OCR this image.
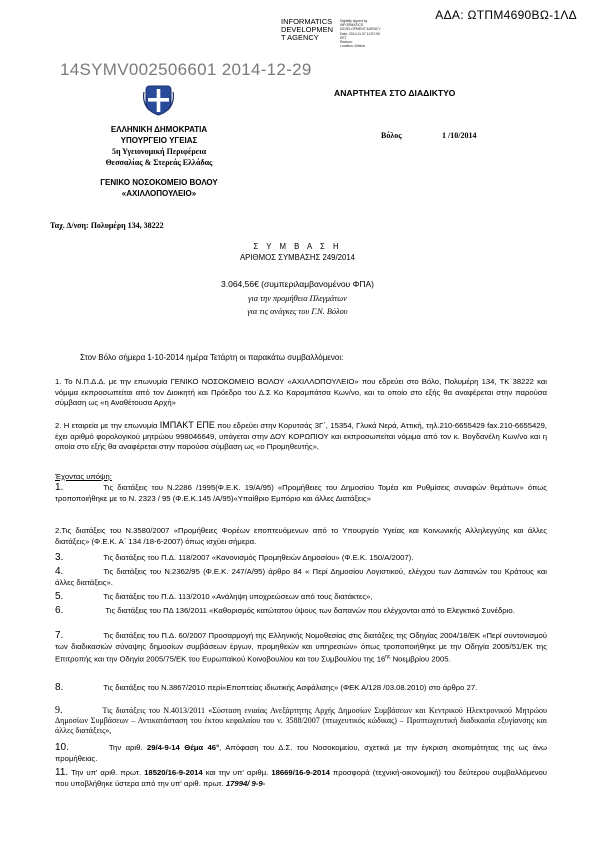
ΑΔΑ: ΩΤΠΜ4690ΒΩ-1ΛΔ
INFORMATICS
DEVELOPMEN
T AGENCY
Digitally signed by
INFORMATICS
DEVELOPMENT AGENCY
Date: 2014.11.07 12:57:50
EET
Reason:
Location: Athens
14SYMV002506601 2014-12-29
ΑΝΑΡΤΗΤΕΑ ΣΤΟ ΔΙΑΔΙΚΤΥΟ
ΕΛΛΗΝΙΚΗ ΔΗΜΟΚΡΑΤΙΑ
ΥΠΟΥΡΓΕΙΟ ΥΓΕΙΑΣ
5η Υγειονομική Περιφέρεια
Θεσσαλίας & Στερεάς Ελλάδας
ΓΕΝΙΚΟ ΝΟΣΟΚΟΜΕΙΟ ΒΟΛΟΥ
«ΑΧΙΛΛΟΠΟΥΛΕΙΟ»
Βόλος	1 /10/2014
Ταχ. Δ/νση: Πολυμέρη 134, 38222
Σ Υ Μ Β Α Σ Η
ΑΡΙΘΜΟΣ ΣΥΜΒΑΣΗΣ 249/2014
3.064,56€ (συμπεριλαμβανομένου ΦΠΑ)
για την προμήθεια Πλεγμάτων
για τις ανάγκες του Γ.Ν. Βόλου
Στον Βόλο σήμερα 1-10-2014 ημέρα Τετάρτη οι παρακάτω συμβαλλόμενοι:
1. Το Ν.Π.Δ.Δ. με την επωνυμία ΓΕΝΙΚΟ ΝΟΣΟΚΟΜΕΙΟ ΒΟΛΟΥ «ΑΧΙΛΛΟΠΟΥΛΕΙΟ» που εδρεύει στο Βόλο, Πολυμέρη 134, ΤΚ 38222 και νόμιμα εκπροσωπείται από τον Διοικητή και Πρόεδρο του Δ.Σ Κο Καραμπάτσα Κων/νο, και το οποίο στο εξής θα αναφέρεται στην παρούσα σύμβαση ως «η Αναθέτουσα Αρχή»
2. Η εταιρεία με την επωνυμία ΙΜΠΑΚΤ ΕΠΕ που εδρεύει στην Κορυτσάς 3Γ΄, 15354, Γλυκά Νερά, Αττική, τηλ.210-6655429 fax.210-6655429, έχει αριθμό φορολογικού μητρώου 998046649, υπάγεται στην ΔΟΥ ΚΟΡΩΠΙΟΥ και εκπροσωπείται νόμιμα από τον κ. Βογδανέλη Κων/νο και η οποία στο εξής θα αναφέρεται στην παρούσα σύμβαση ως «ο Προμηθευτής»,
Έχοντας υπόψη:
1.	Τις διατάξεις του Ν.2286 /1995(Φ.Ε.Κ. 19/Α/95) «Προμήθειες του Δημοσίου Τομέα και Ρυθμίσεις συναφών θεμάτων» όπως τροποποιήθηκε με το Ν. 2323 / 95 (Φ.Ε.Κ.145 /Α/95)«Υπαίθριο Εμπόριο και άλλες Διατάξεις»
2.Τις διατάξεις του Ν.3580/2007 «Προμήθειες Φορέων εποπτευόμενων από το Υπουργείο Υγείας και Κοινωνικής Αλληλεγγύης και άλλες διατάξεις» (Φ.Ε.Κ. Α΄ 134 /18-6-2007) όπως ισχύει σήμερα.
3.	Τις διατάξεις του Π.Δ. 118/2007 «Κανονισμός Προμηθειών Δημοσίου» (Φ.Ε.Κ. 150/Α/2007).
4.	Τις διατάξεις του Ν.2362/95 (Φ.Ε.Κ. 247/Α/95) άρθρο 84 « Περί Δημοσίου Λογιστικού, ελέγχου των Δαπανών του Κράτους και άλλες διατάξεις».
5.	Τις διατάξεις του Π.Δ. 113/2010 «Ανάληψη υποχρεώσεων από τους διατάκτες»,
6.	Τις διατάξεις του ΠΔ 136/2011 «Καθορισμός κατώτατου ύψους των δαπανών που ελέγχονται από το Ελεγκτικό Συνέδριο.
7.	Τις διατάξεις του Π.Δ. 60/2007 Προσαρμογή της Ελληνικής Νομοθεσίας στις διατάξεις της Οδηγίας 2004/18/ΕΚ «Περί συντονισμού των διαδικασιών σύναψης δημοσίων συμβάσεων έργων, προμηθειών και υπηρεσιών» όπως τροποποιήθηκε με την Οδηγία 2005/51/ΕΚ της Επιτροπής και την Οδηγία 2005/75/ΕΚ του Ευρωπαϊκού Κοινοβουλίου και του Συμβουλίου της $16^{\eta\varsigma}$ Νοεμβρίου 2005.
8.	Τις διατάξεις του Ν.3867/2010 περί«Εποπτείας ιδιωτικής Ασφάλισης» (ΦΕΚ Α/128 /03.08.2010) στο άρθρο 27.
9.	Τις διατάξεις του Ν.4013/2011 «Σύσταση ενιαίας Ανεξάρτητης Αρχής Δημοσίων Συμβάσεων και Κεντρικού Ηλεκτρονικού Μητρώου Δημοσίων Συμβάσεων – Αντικατάσταση του έκτου κεφαλαίου του ν. 3588/2007 (πτωχευτικός κώδικας) – Προπτωχευτική διαδικασία εξυγίανσης και άλλες διατάξεις»,
10.	Την αριθ. 29/4-9-14 Θέμα 46°, Απόφαση του Δ.Σ. του Νοσοκομείου, σχετικά με την έγκριση σκοπιμότητας της ως άνω προμήθειας.
11. Την υπ' αριθ. πρωτ. 18520/16-9-2014 και την υπ' αριθμ. 18669/16-9-2014 προσφορά (τεχνική-οικονομική) του δεύτερου συμβαλλόμενου που υποβλήθηκε ύστερα από την υπ' αριθ. πρωτ. 17994/ 9-9-
